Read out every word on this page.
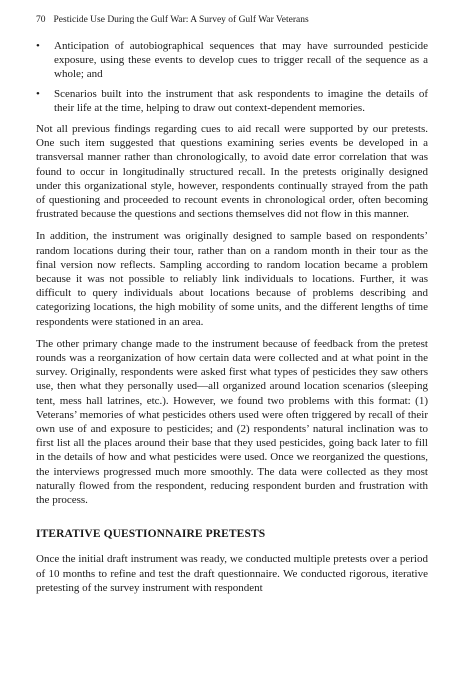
70 Pesticide Use During the Gulf War: A Survey of Gulf War Veterans
• Anticipation of autobiographical sequences that may have surrounded pesticide exposure, using these events to develop cues to trigger recall of the sequence as a whole; and
• Scenarios built into the instrument that ask respondents to imagine the details of their life at the time, helping to draw out context-dependent memories.

Not all previous findings regarding cues to aid recall were supported by our pretests. One such item suggested that questions examining series events be developed in a transversal manner rather than chronologically, to avoid date error correlation that was found to occur in longitudinally structured recall. In the pretests originally designed under this organizational style, however, respondents continually strayed from the path of questioning and proceeded to recount events in chronological order, often becoming frustrated because the questions and sections themselves did not flow in this manner.

In addition, the instrument was originally designed to sample based on respondents’ random locations during their tour, rather than on a random month in their tour as the final version now reflects. Sampling according to random location became a problem because it was not possible to reliably link individuals to locations. Further, it was difficult to query individuals about locations because of problems describing and categorizing locations, the high mobility of some units, and the different lengths of time respondents were stationed in an area.

The other primary change made to the instrument because of feedback from the pretest rounds was a reorganization of how certain data were collected and at what point in the survey. Originally, respondents were asked first what types of pesticides they saw others use, then what they personally used—all organized around location scenarios (sleeping tent, mess hall latrines, etc.). However, we found two problems with this format: (1) Veterans’ memories of what pesticides others used were often triggered by recall of their own use of and exposure to pesticides; and (2) respondents’ natural inclination was to first list all the places around their base that they used pesticides, going back later to fill in the details of how and what pesticides were used. Once we reorganized the questions, the interviews progressed much more smoothly. The data were collected as they most naturally flowed from the respondent, reducing respondent burden and frustration with the process.

ITERATIVE QUESTIONNAIRE PRETESTS

Once the initial draft instrument was ready, we conducted multiple pretests over a period of 10 months to refine and test the draft questionnaire. We conducted rigorous, iterative pretesting of the survey instrument with respondent
